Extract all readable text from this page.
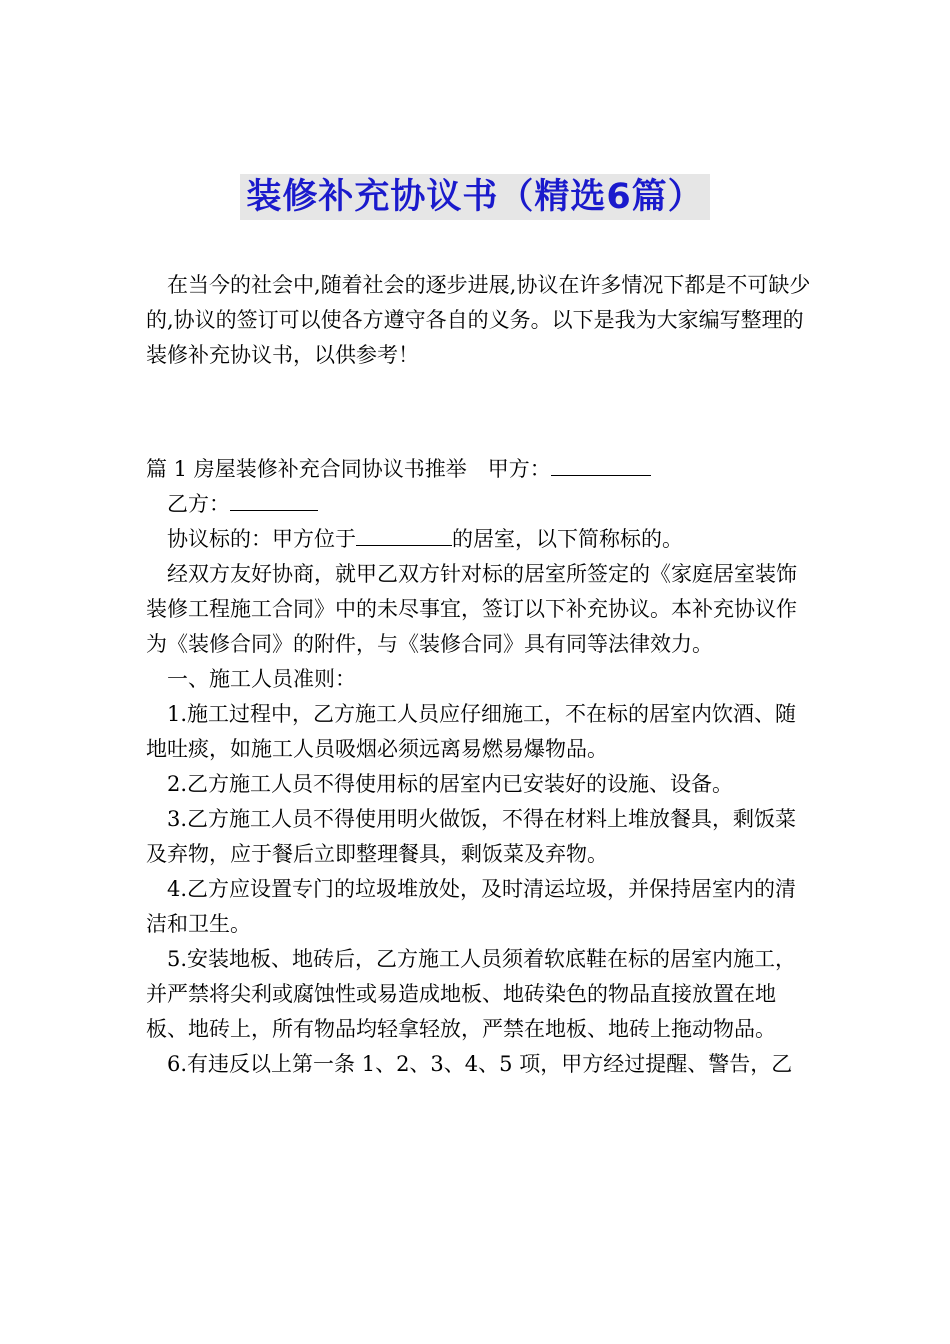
装修补充协议书（精选6篇）

在当今的社会中,随着社会的逐步进展,协议在许多情况下都是不可缺少的,协议的签订可以使各方遵守各自的义务。以下是我为大家编写整理的装修补充协议书，以供参考！

篇 1 房屋装修补充合同协议书推举　甲方：

乙方：

协议标的：甲方位于	的居室，以下简称标的。

经双方友好协商，就甲乙双方针对标的居室所签定的《家庭居室装饰装修工程施工合同》中的未尽事宜，签订以下补充协议。本补充协议作为《装修合同》的附件，与《装修合同》具有同等法律效力。

一、施工人员准则：

1.施工过程中，乙方施工人员应仔细施工，不在标的居室内饮酒、随地吐痰，如施工人员吸烟必须远离易燃易爆物品。

2.乙方施工人员不得使用标的居室内已安装好的设施、设备。

3.乙方施工人员不得使用明火做饭，不得在材料上堆放餐具，剩饭菜及弃物，应于餐后立即整理餐具，剩饭菜及弃物。

4.乙方应设置专门的垃圾堆放处，及时清运垃圾，并保持居室内的清洁和卫生。

5.安装地板、地砖后，乙方施工人员须着软底鞋在标的居室内施工，并严禁将尖利或腐蚀性或易造成地板、地砖染色的物品直接放置在地板、地砖上，所有物品均轻拿轻放，严禁在地板、地砖上拖动物品。

6.有违反以上第一条 1、2、3、4、5 项，甲方经过提醒、警告，乙
